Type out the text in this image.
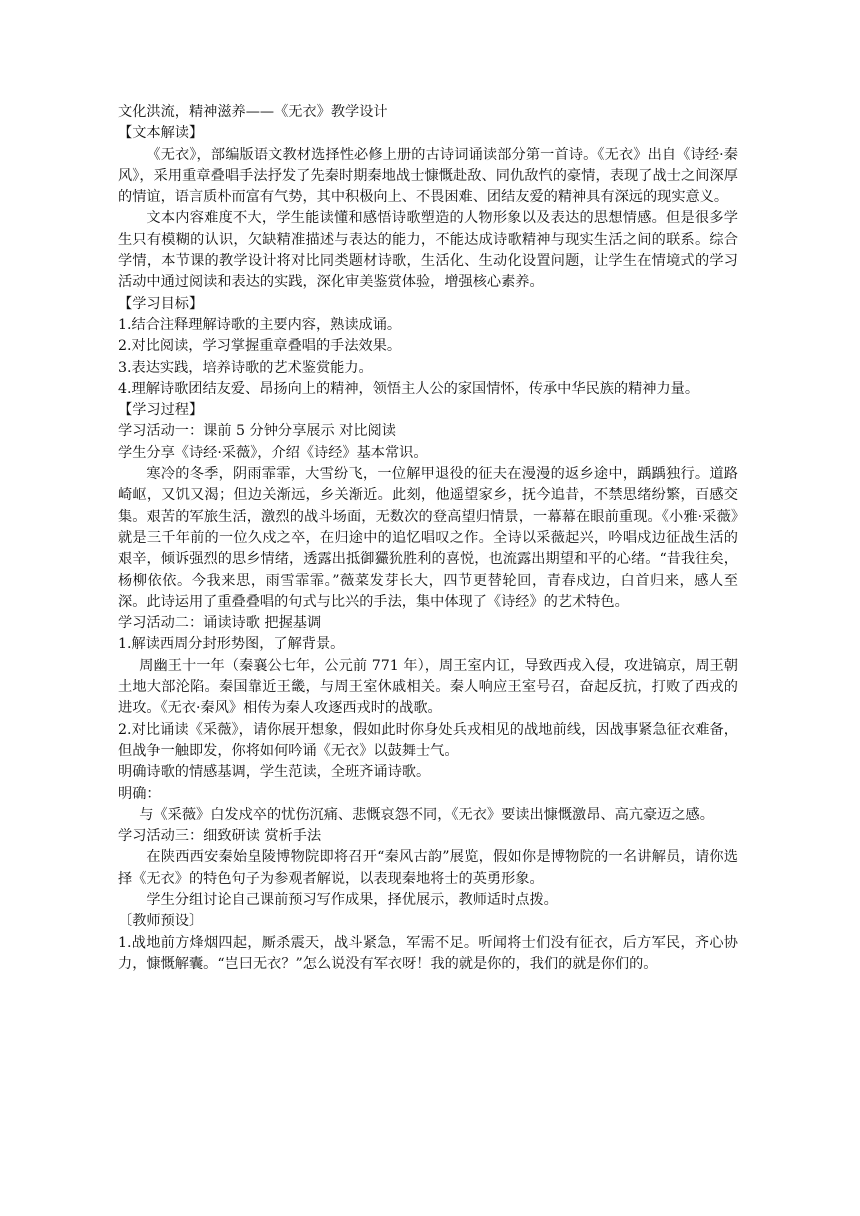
文化洪流，精神滋养——《无衣》教学设计

【文本解读】

《无衣》，部编版语文教材选择性必修上册的古诗词诵读部分第一首诗。《无衣》出自《诗经·秦风》，采用重章叠唱手法抒发了先秦时期秦地战士慷慨赴敌、同仇敌忾的豪情，表现了战士之间深厚的情谊，语言质朴而富有气势，其中积极向上、不畏困难、团结友爱的精神具有深远的现实意义。

文本内容难度不大，学生能读懂和感悟诗歌塑造的人物形象以及表达的思想情感。但是很多学生只有模糊的认识，欠缺精准描述与表达的能力，不能达成诗歌精神与现实生活之间的联系。综合学情，本节课的教学设计将对比同类题材诗歌，生活化、生动化设置问题，让学生在情境式的学习活动中通过阅读和表达的实践，深化审美鉴赏体验，增强核心素养。

【学习目标】

1.结合注释理解诗歌的主要内容，熟读成诵。

2.对比阅读，学习掌握重章叠唱的手法效果。

3.表达实践，培养诗歌的艺术鉴赏能力。

4.理解诗歌团结友爱、昂扬向上的精神，领悟主人公的家国情怀，传承中华民族的精神力量。

【学习过程】

学习活动一：课前 5 分钟分享展示 对比阅读

学生分享《诗经·采薇》，介绍《诗经》基本常识。

寒冷的冬季，阴雨霏霏，大雪纷飞，一位解甲退役的征夫在漫漫的返乡途中，踽踽独行。道路崎岖，又饥又渴；但边关渐远，乡关渐近。此刻，他遥望家乡，抚今追昔，不禁思绪纷繁，百感交集。艰苦的军旅生活，激烈的战斗场面，无数次的登高望归情景，一幕幕在眼前重现。《小雅·采薇》就是三千年前的一位久戍之卒，在归途中的追忆唱叹之作。全诗以采薇起兴，吟唱戍边征战生活的艰辛，倾诉强烈的思乡情绪，透露出抵御玁狁胜利的喜悦，也流露出期望和平的心绪。“昔我往矣，杨柳依依。今我来思，雨雪霏霏。”薇菜发芽长大，四节更替轮回，青春戍边，白首归来，感人至深。此诗运用了重叠叠唱的句式与比兴的手法，集中体现了《诗经》的艺术特色。

学习活动二：诵读诗歌 把握基调

1.解读西周分封形势图，了解背景。

周幽王十一年（秦襄公七年，公元前 771 年），周王室内讧，导致西戎入侵，攻进镐京，周王朝土地大部沦陷。秦国靠近王畿，与周王室休戚相关。秦人响应王室号召，奋起反抗，打败了西戎的进攻。《无衣·秦风》相传为秦人攻逐西戎时的战歌。

2.对比诵读《采薇》，请你展开想象，假如此时你身处兵戎相见的战地前线，因战事紧急征衣难备，但战争一触即发，你将如何吟诵《无衣》以鼓舞士气。

明确诗歌的情感基调，学生范读，全班齐诵诗歌。

明确：

与《采薇》白发戍卒的忧伤沉痛、悲慨哀怨不同，《无衣》要读出慷慨激昂、高亢豪迈之感。

学习活动三：细致研读 赏析手法

在陕西西安秦始皇陵博物院即将召开“秦风古韵”展览，假如你是博物院的一名讲解员，请你选择《无衣》的特色句子为参观者解说，以表现秦地将士的英勇形象。

学生分组讨论自己课前预习写作成果，择优展示，教师适时点拨。

〔教师预设〕

1.战地前方烽烟四起，厮杀震天，战斗紧急，军需不足。听闻将士们没有征衣，后方军民，齐心协力，慷慨解囊。“岂曰无衣？”怎么说没有军衣呀！我的就是你的，我们的就是你们的。
